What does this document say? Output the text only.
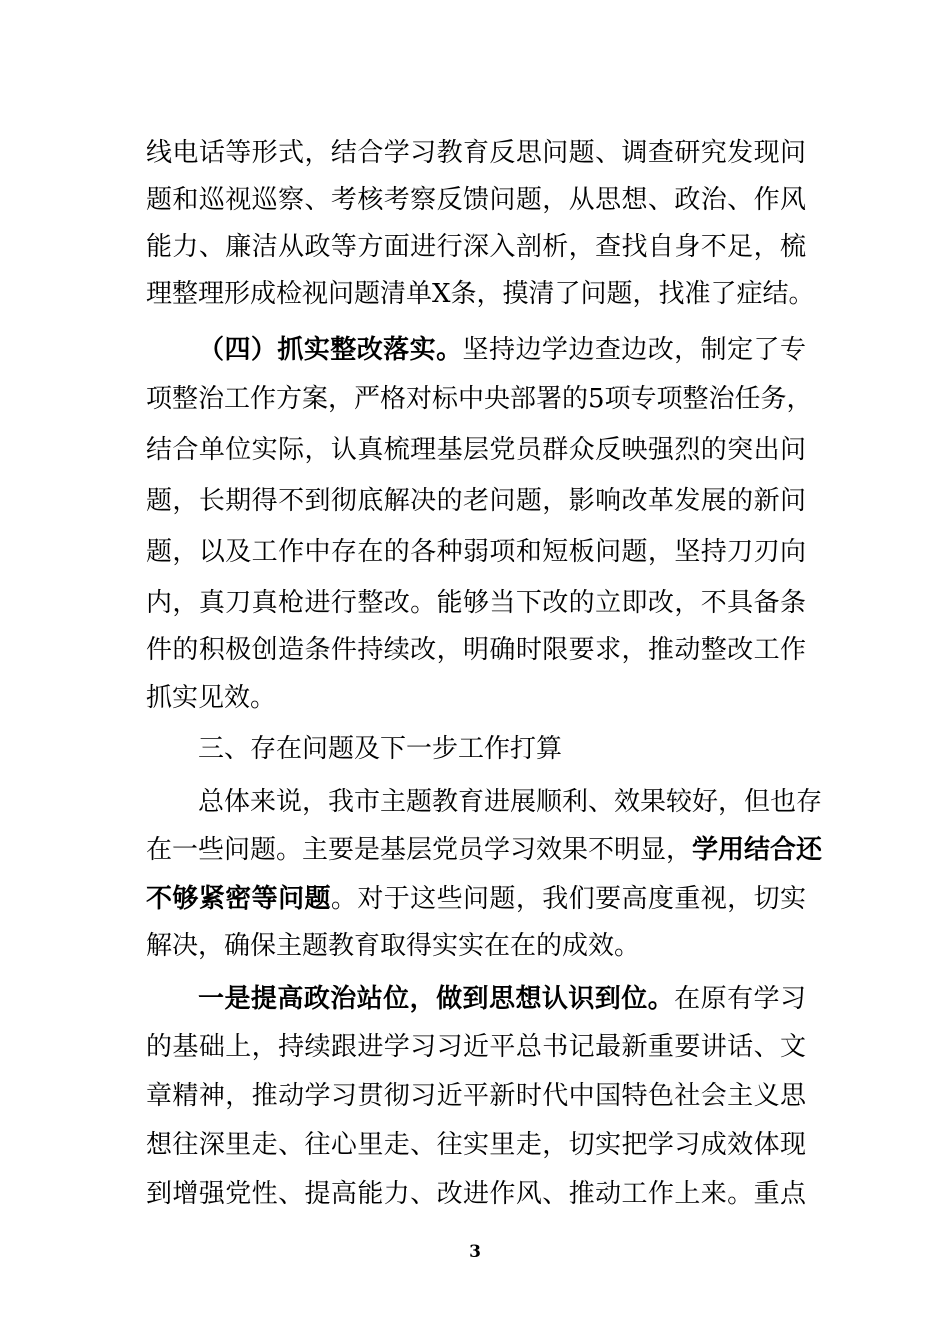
线电话等形式，结合学习教育反思问题、调查研究发现问
题和巡视巡察、考核考察反馈问题，从思想、政治、作风
能力、廉洁从政等方面进行深入剖析，查找自身不足，梳
理整理形成检视问题清单X条，摸清了问题，找准了症结。
（四）抓实整改落实。坚持边学边查边改，制定了专
项整治工作方案，严格对标中央部署的5项专项整治任务，
结合单位实际，认真梳理基层党员群众反映强烈的突出问
题，长期得不到彻底解决的老问题，影响改革发展的新问
题，以及工作中存在的各种弱项和短板问题，坚持刀刃向
内，真刀真枪进行整改。能够当下改的立即改，不具备条
件的积极创造条件持续改，明确时限要求，推动整改工作
抓实见效。
三、存在问题及下一步工作打算
总体来说，我市主题教育进展顺利、效果较好，但也存
在一些问题。主要是基层党员学习效果不明显，学用结合还
不够紧密等问题。对于这些问题，我们要高度重视，切实
解决，确保主题教育取得实实在在的成效。
一是提高政治站位，做到思想认识到位。在原有学习
的基础上，持续跟进学习习近平总书记最新重要讲话、文
章精神，推动学习贯彻习近平新时代中国特色社会主义思
想往深里走、往心里走、往实里走，切实把学习成效体现
到增强党性、提高能力、改进作风、推动工作上来。重点
3
